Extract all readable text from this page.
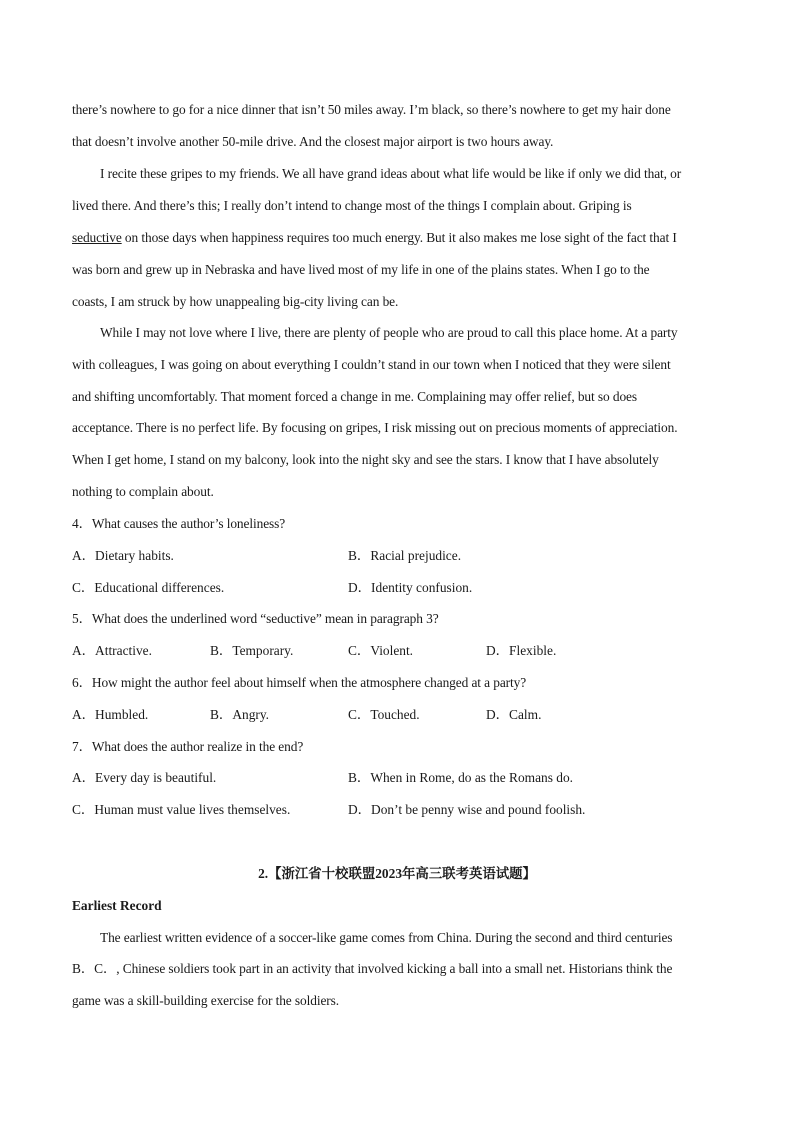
there’s nowhere to go for a nice dinner that isn’t 50 miles away. I’m black, so there’s nowhere to get my hair done
that doesn’t involve another 50-mile drive. And the closest major airport is two hours away.
I recite these gripes to my friends. We all have grand ideas about what life would be like if only we did that, or
lived there. And there’s this; I really don’t intend to change most of the things I complain about. Griping is
seductive on those days when happiness requires too much energy. But it also makes me lose sight of the fact that I
was born and grew up in Nebraska and have lived most of my life in one of the plains states. When I go to the
coasts, I am struck by how unappealing big-city living can be.
While I may not love where I live, there are plenty of people who are proud to call this place home. At a party
with colleagues, I was going on about everything I couldn’t stand in our town when I noticed that they were silent
and shifting uncomfortably. That moment forced a change in me. Complaining may offer relief, but so does
acceptance. There is no perfect life. By focusing on gripes, I risk missing out on precious moments of appreciation.
When I get home, I stand on my balcony, look into the night sky and see the stars. I know that I have absolutely
nothing to complain about.
4．What causes the author’s loneliness?
A．Dietary habits.	B．Racial prejudice.
C．Educational differences.	D．Identity confusion.
5．What does the underlined word “seductive” mean in paragraph 3?
A．Attractive.	B．Temporary.	C．Violent.	D．Flexible.
6．How might the author feel about himself when the atmosphere changed at a party?
A．Humbled.	B．Angry.	C．Touched.	D．Calm.
7．What does the author realize in the end?
A．Every day is beautiful.	B．When in Rome, do as the Romans do.
C．Human must value lives themselves.	D．Don’t be penny wise and pound foolish.
2.【浙江省十校联盟2023年高三联考英语试题】
Earliest Record
The earliest written evidence of a soccer-like game comes from China. During the second and third centuries
B．C．, Chinese soldiers took part in an activity that involved kicking a ball into a small net. Historians think the
game was a skill-building exercise for the soldiers.
